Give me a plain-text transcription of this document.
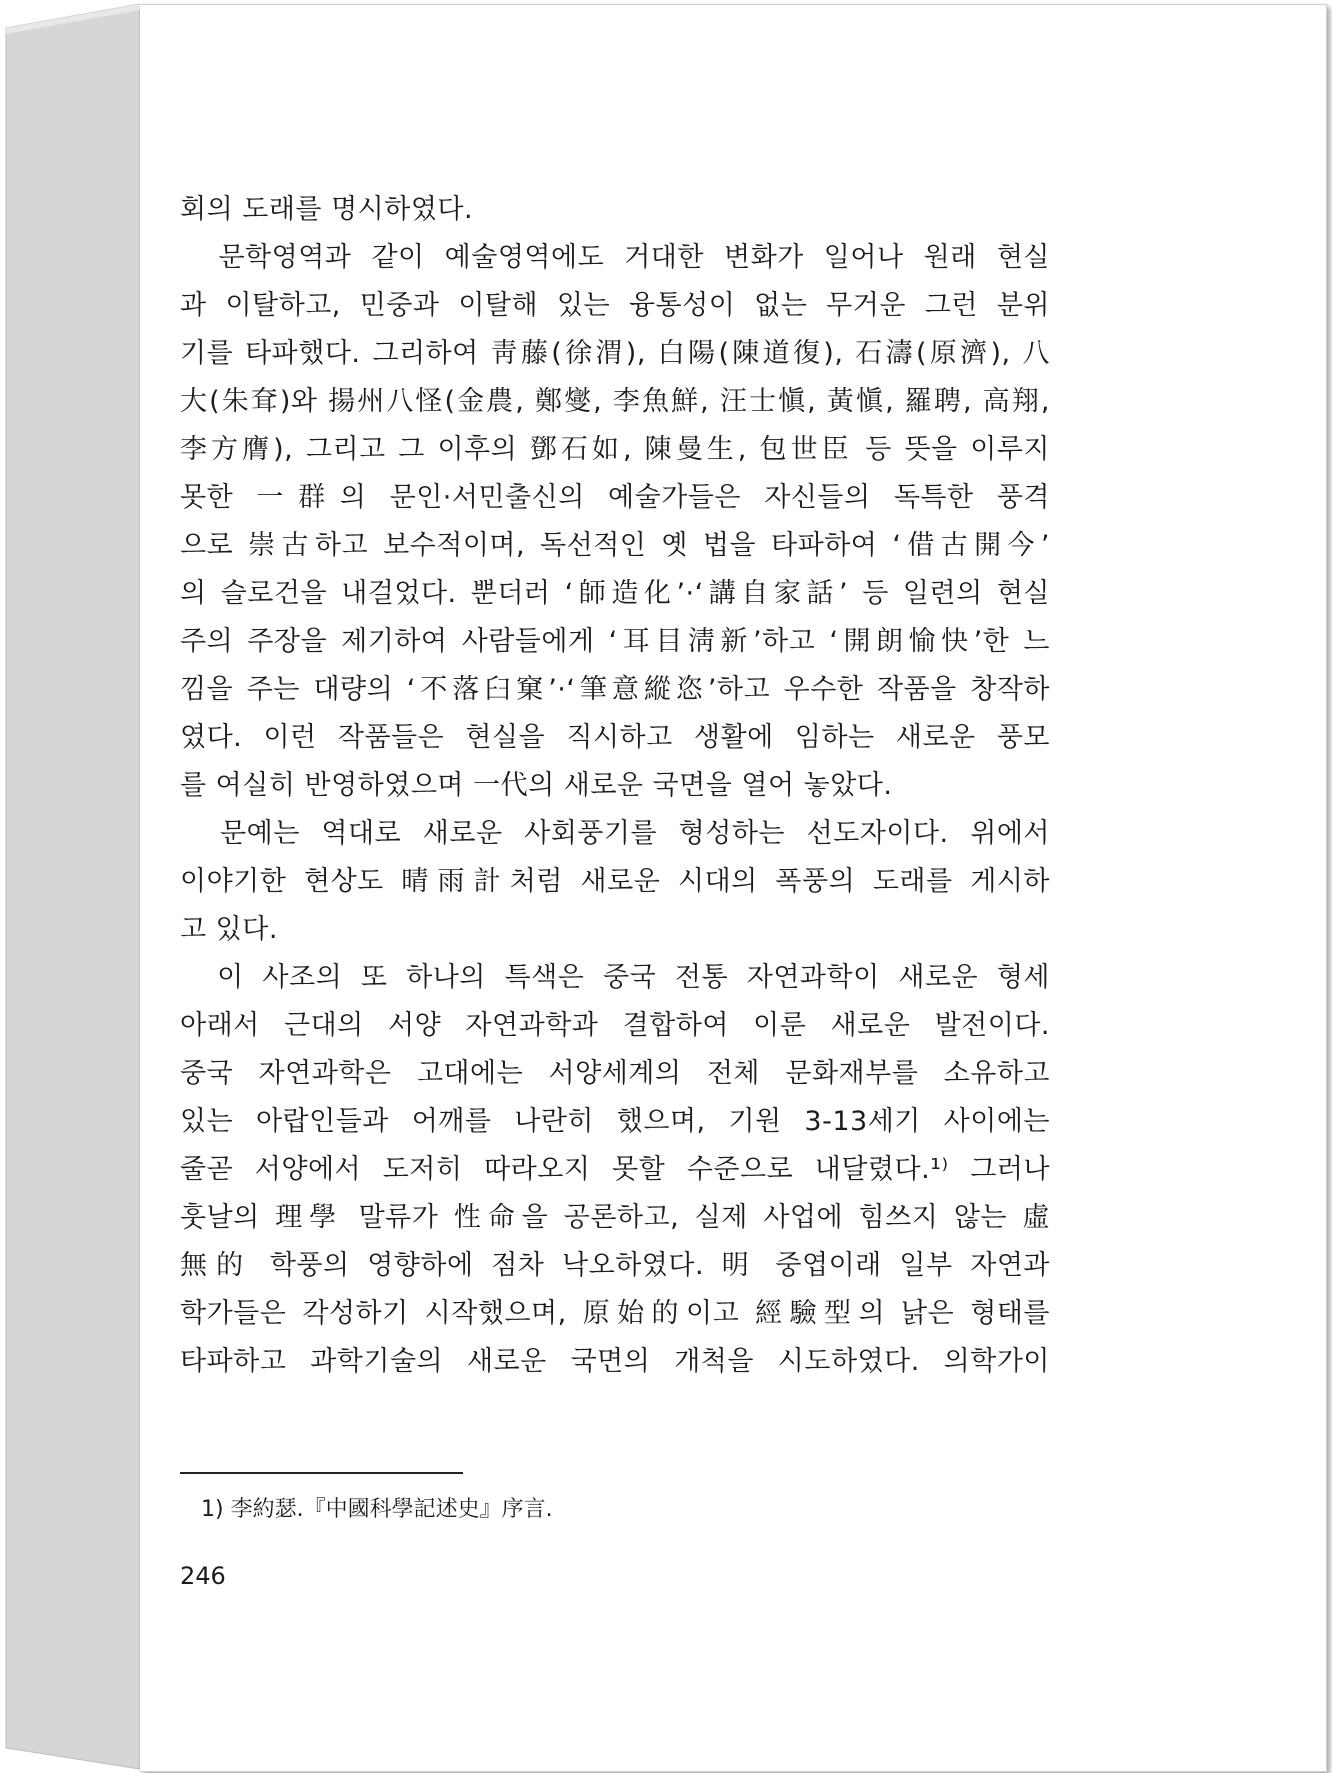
회의 도래를 명시하였다.
　문학영역과 같이 예술영역에도 거대한 변화가 일어나 원래 현실
과 이탈하고, 민중과 이탈해 있는 융통성이 없는 무거운 그런 분위
기를 타파했다. 그리하여 靑藤(徐渭), 白陽(陳道復), 石濤(原濟), 八
大(朱耷)와 揚州八怪(金農, 鄭燮, 李魚鮮, 汪士愼, 黃愼, 羅聘, 高翔,
李方膺), 그리고 그 이후의 鄧石如, 陳曼生, 包世臣 등 뜻을 이루지
못한 一群의 문인·서민출신의 예술가들은 자신들의 독특한 풍격
으로 崇古하고 보수적이며, 독선적인 옛 법을 타파하여 ‘借古開今’
의 슬로건을 내걸었다. 뿐더러 ‘師造化’·‘講自家話’ 등 일련의 현실
주의 주장을 제기하여 사람들에게 ‘耳目淸新’하고 ‘開朗愉快’한 느
낌을 주는 대량의 ‘不落臼窠’·‘筆意縱恣’하고 우수한 작품을 창작하
였다. 이런 작품들은 현실을 직시하고 생활에 임하는 새로운 풍모
를 여실히 반영하였으며 一代의 새로운 국면을 열어 놓았다.
　문예는 역대로 새로운 사회풍기를 형성하는 선도자이다. 위에서
이야기한 현상도 晴雨計처럼 새로운 시대의 폭풍의 도래를 게시하
고 있다.
　이 사조의 또 하나의 특색은 중국 전통 자연과학이 새로운 형세
아래서 근대의 서양 자연과학과 결합하여 이룬 새로운 발전이다.
중국 자연과학은 고대에는 서양세계의 전체 문화재부를 소유하고
있는 아랍인들과 어깨를 나란히 했으며, 기원 3-13세기 사이에는
줄곧 서양에서 도저히 따라오지 못할 수준으로 내달렸다.¹⁾ 그러나
훗날의 理學 말류가 性命을 공론하고, 실제 사업에 힘쓰지 않는 虛
無的 학풍의 영향하에 점차 낙오하였다. 明 중엽이래 일부 자연과
학가들은 각성하기 시작했으며, 原始的이고 經驗型의 낡은 형태를
타파하고 과학기술의 새로운 국면의 개척을 시도하였다. 의학가이
1) 李約瑟.『中國科學記述史』序言.
246
